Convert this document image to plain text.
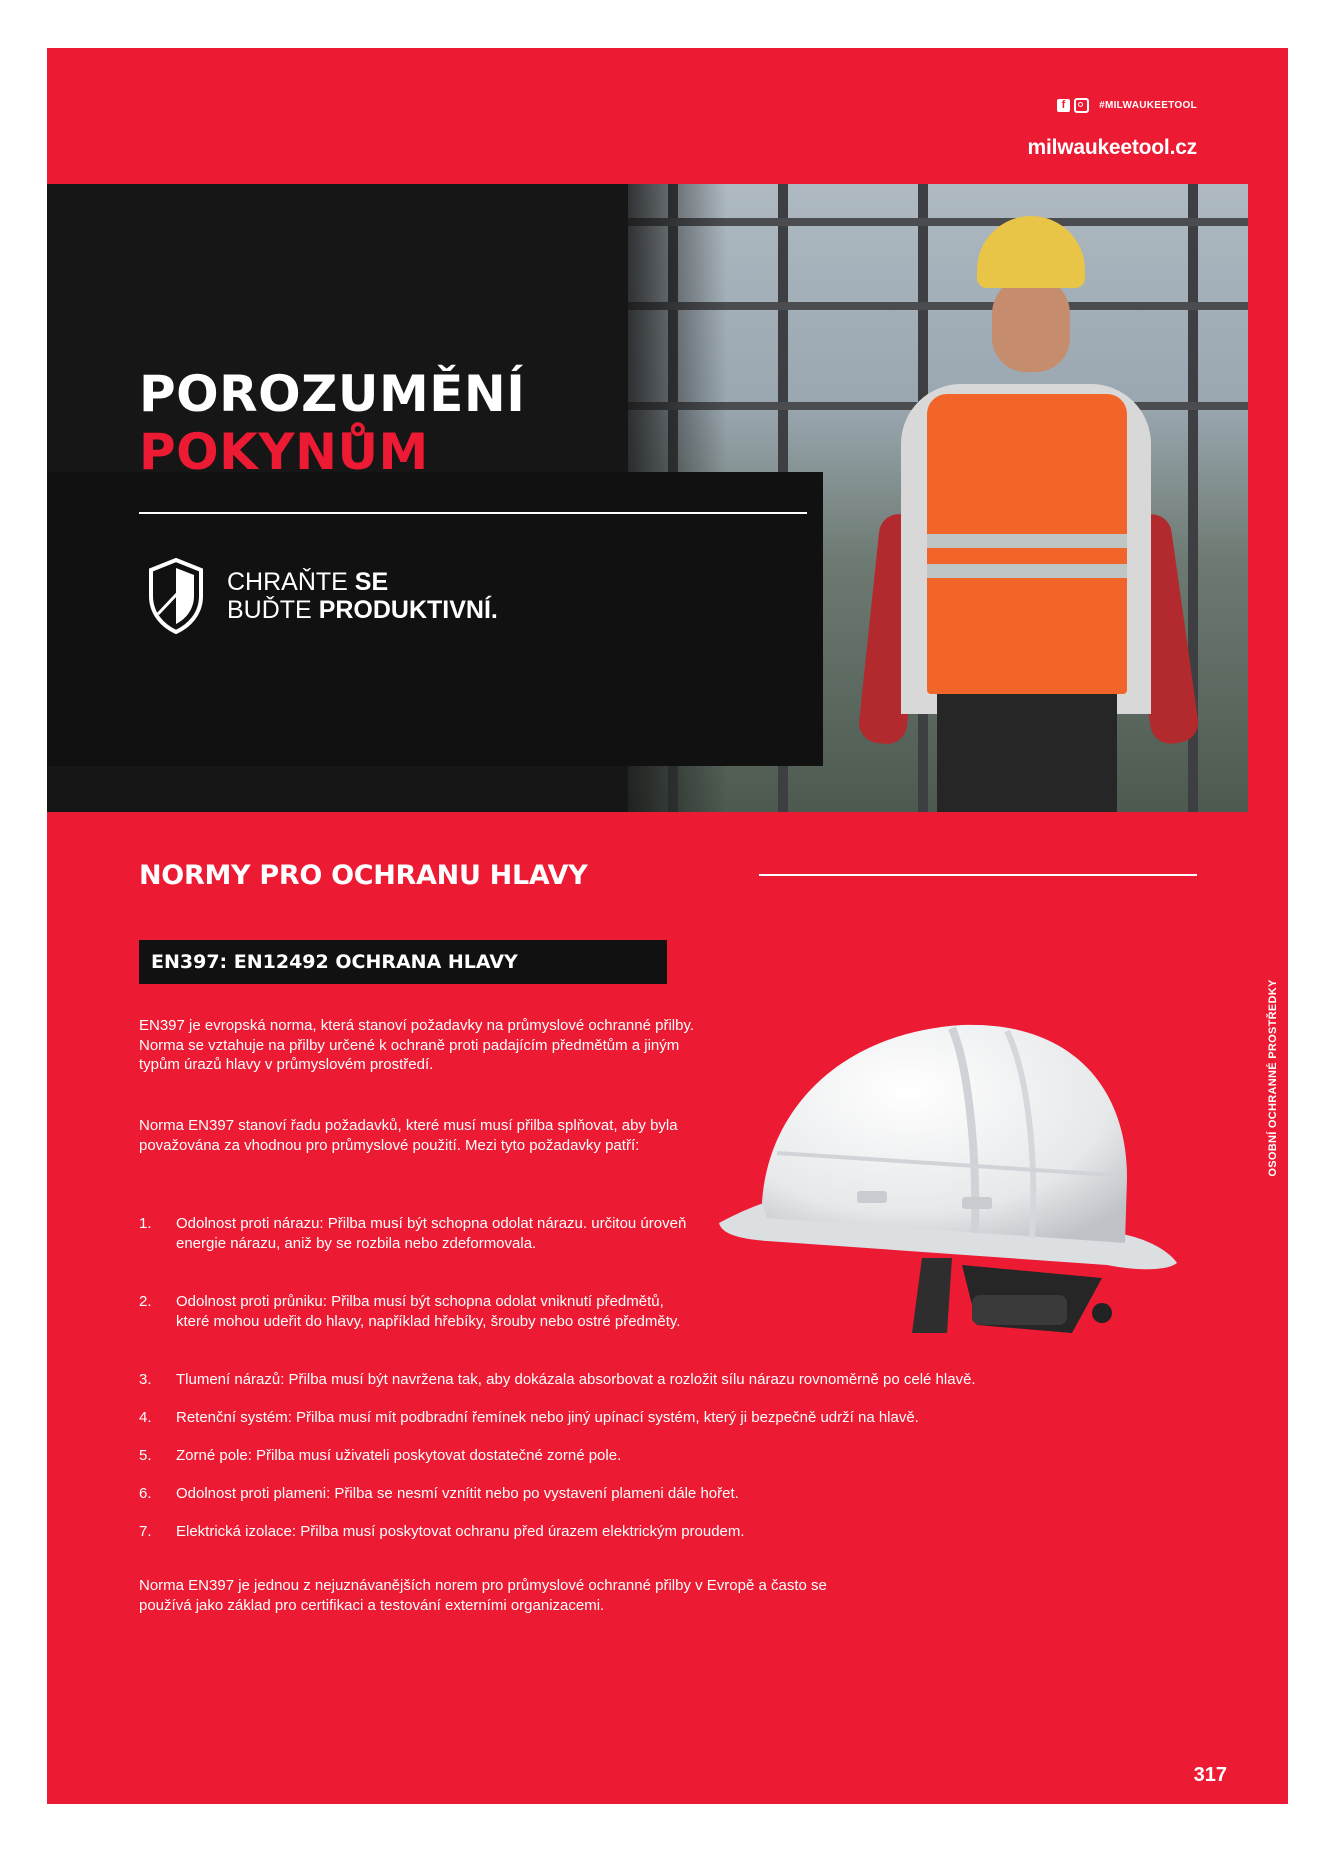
f	#MILWAUKEETOOL
milwaukeetool.cz
POROZUMĚNÍ
POKYNŮM
CHRAŇTE SE
BUĎTE PRODUKTIVNÍ.
NORMY PRO OCHRANU HLAVY
EN397: EN12492 OCHRANA HLAVY
OSOBNÍ OCHRANNÉ PROSTŘEDKY
EN397 je evropská norma, která stanoví požadavky na průmyslové ochranné přilby. Norma se vztahuje na přilby určené k ochraně proti padajícím předmětům a jiným typům úrazů hlavy v průmyslovém prostředí.
Norma EN397 stanoví řadu požadavků, které musí musí přilba splňovat, aby byla považována za vhodnou pro průmyslové použití. Mezi tyto požadavky patří:
1.	Odolnost proti nárazu: Přilba musí být schopna odolat nárazu. určitou úroveň energie nárazu, aniž by se rozbila nebo zdeformovala.
2.	Odolnost proti průniku: Přilba musí být schopna odolat vniknutí předmětů, které mohou udeřit do hlavy, například hřebíky, šrouby nebo ostré předměty.
3.	Tlumení nárazů: Přilba musí být navržena tak, aby dokázala absorbovat a rozložit sílu nárazu rovnoměrně po celé hlavě.
4.	Retenční systém: Přilba musí mít podbradní řemínek nebo jiný upínací systém, který ji bezpečně udrží na hlavě.
5.	Zorné pole: Přilba musí uživateli poskytovat dostatečné zorné pole.
6.	Odolnost proti plameni: Přilba se nesmí vznítit nebo po vystavení plameni dále hořet.
7.	Elektrická izolace: Přilba musí poskytovat ochranu před úrazem elektrickým proudem.
Norma EN397 je jednou z nejuznávanějších norem pro průmyslové ochranné přilby v Evropě a často se používá jako základ pro certifikaci a testování externími organizacemi.
317
